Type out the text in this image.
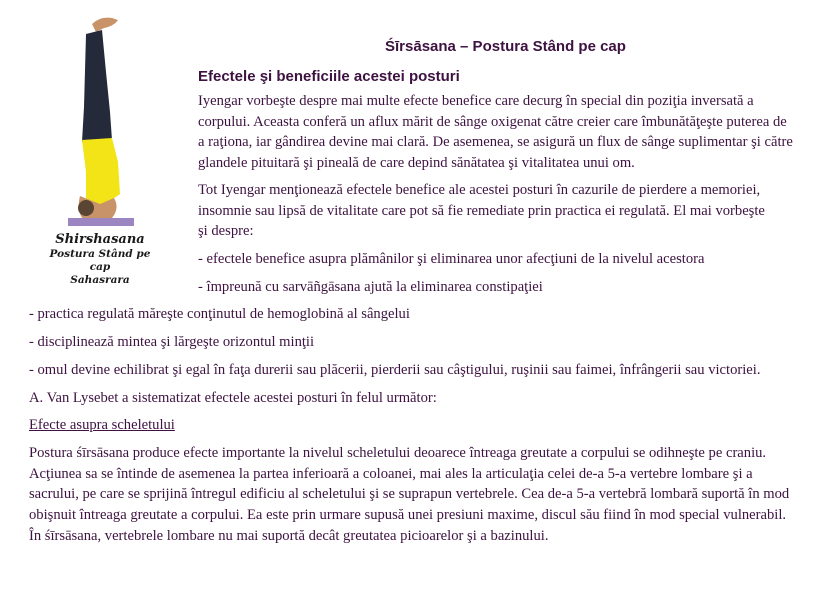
Shirshasana
Postura Stând pe cap
Sahasrara
Śīrsāsana – Postura Stând pe cap
Efectele şi beneficiile acestei posturi
Iyengar vorbeşte despre mai multe efecte benefice care decurg în special din poziţia inversată a
corpului. Aceasta conferă un aflux mărit de sânge oxigenat către creier care îmbunătăţeşte puterea de
a raţiona, iar gândirea devine mai clară. De asemenea, se asigură un flux de sânge suplimentar şi către
glandele pituitară şi pineală de care depind sănătatea şi vitalitatea unui om.
Tot Iyengar menţionează efectele benefice ale acestei posturi în cazurile de pierdere a memoriei,
insomnie sau lipsă de vitalitate care pot să fie remediate prin practica ei regulată. El mai vorbeşte
şi despre:
- efectele benefice asupra plămânilor şi eliminarea unor afecţiuni de la nivelul acestora
- împreună cu sarvāñgāsana ajută la eliminarea constipaţiei
- practica regulată măreşte conţinutul de hemoglobină al sângelui
- disciplinează mintea şi lărgeşte orizontul minţii
- omul devine echilibrat şi egal în faţa durerii sau plăcerii, pierderii sau câştigului, ruşinii sau faimei, înfrângerii sau victoriei.
A. Van Lysebet a sistematizat efectele acestei posturi în felul următor:
Efecte asupra scheletului
Postura śīrsāsana produce efecte importante la nivelul scheletului deoarece întreaga greutate a corpului se odihneşte pe craniu.
Acţiunea sa se întinde de asemenea la partea inferioară a coloanei, mai ales la articulaţia celei de-a 5-a vertebre lombare şi a
sacrului, pe care se sprijină întregul edificiu al scheletului şi se suprapun vertebrele. Cea de-a 5-a vertebră lombară suportă în mod
obişnuit întreaga greutate a corpului. Ea este prin urmare supusă unei presiuni maxime, discul său fiind în mod special vulnerabil.
În śīrsāsana, vertebrele lombare nu mai suportă decât greutatea picioarelor şi a bazinului.
